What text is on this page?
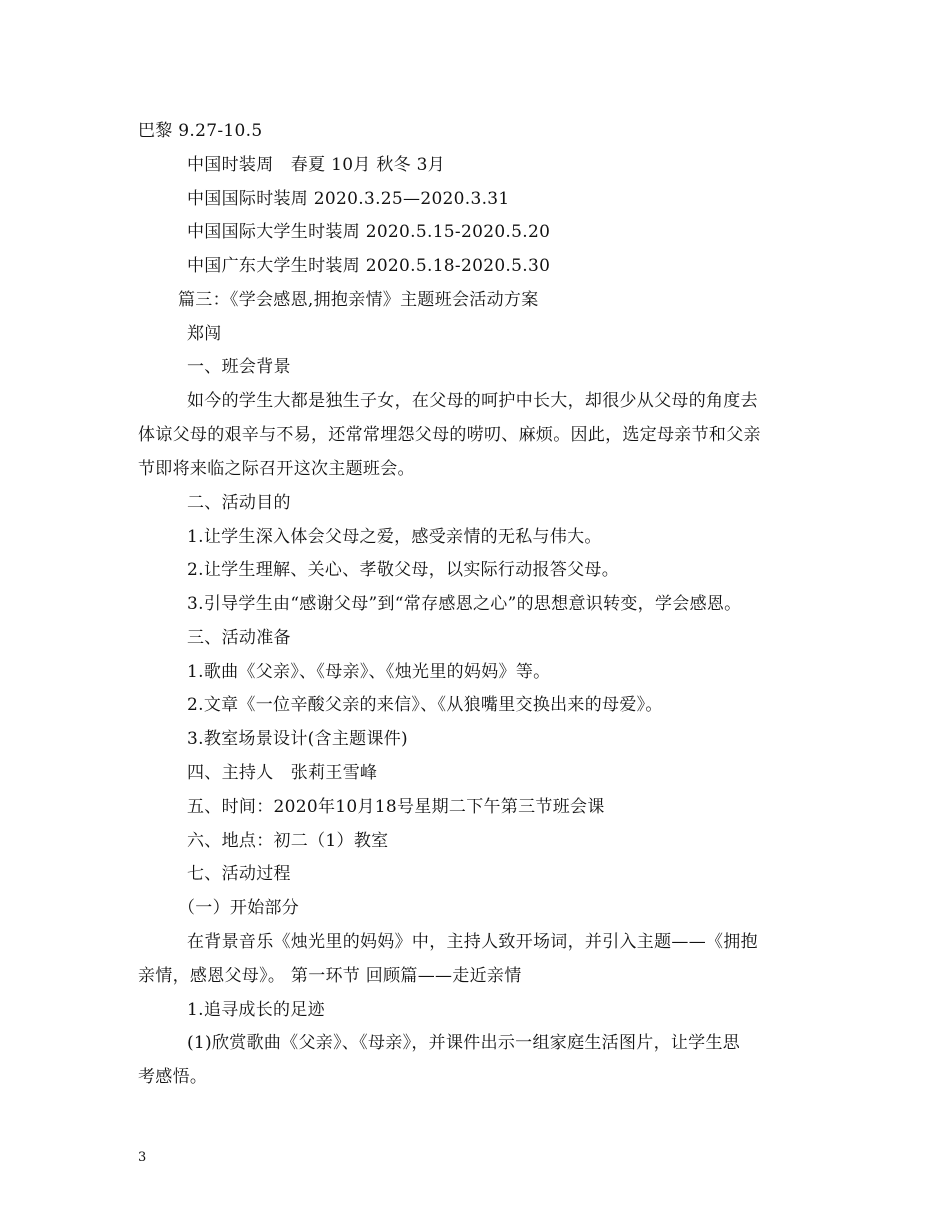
巴黎 9.27-10.5
中国时装周　春夏 10月 秋冬 3月
中国国际时装周 2020.3.25—2020.3.31
中国国际大学生时装周 2020.5.15-2020.5.20
中国广东大学生时装周 2020.5.18-2020.5.30
篇三：《学会感恩,拥抱亲情》主题班会活动方案
郑闯
一、班会背景
如今的学生大都是独生子女，在父母的呵护中长大，却很少从父母的角度去
体谅父母的艰辛与不易，还常常埋怨父母的唠叨、麻烦。因此，选定母亲节和父亲
节即将来临之际召开这次主题班会。
二、活动目的
1.让学生深入体会父母之爱，感受亲情的无私与伟大。
2.让学生理解、关心、孝敬父母，以实际行动报答父母。
3.引导学生由“感谢父母”到“常存感恩之心”的思想意识转变，学会感恩。
三、活动准备
1.歌曲《父亲》、《母亲》、《烛光里的妈妈》等。
2.文章《一位辛酸父亲的来信》、《从狼嘴里交换出来的母爱》。
3.教室场景设计(含主题课件)
四、主持人　张莉王雪峰
五、时间：2020年10月18号星期二下午第三节班会课
六、地点：初二（1）教室
七、活动过程
（一）开始部分
在背景音乐《烛光里的妈妈》中，主持人致开场词，并引入主题——《拥抱
亲情，感恩父母》。 第一环节 回顾篇——走近亲情
1.追寻成长的足迹
(1)欣赏歌曲《父亲》、《母亲》，并课件出示一组家庭生活图片，让学生思
考感悟。
3
